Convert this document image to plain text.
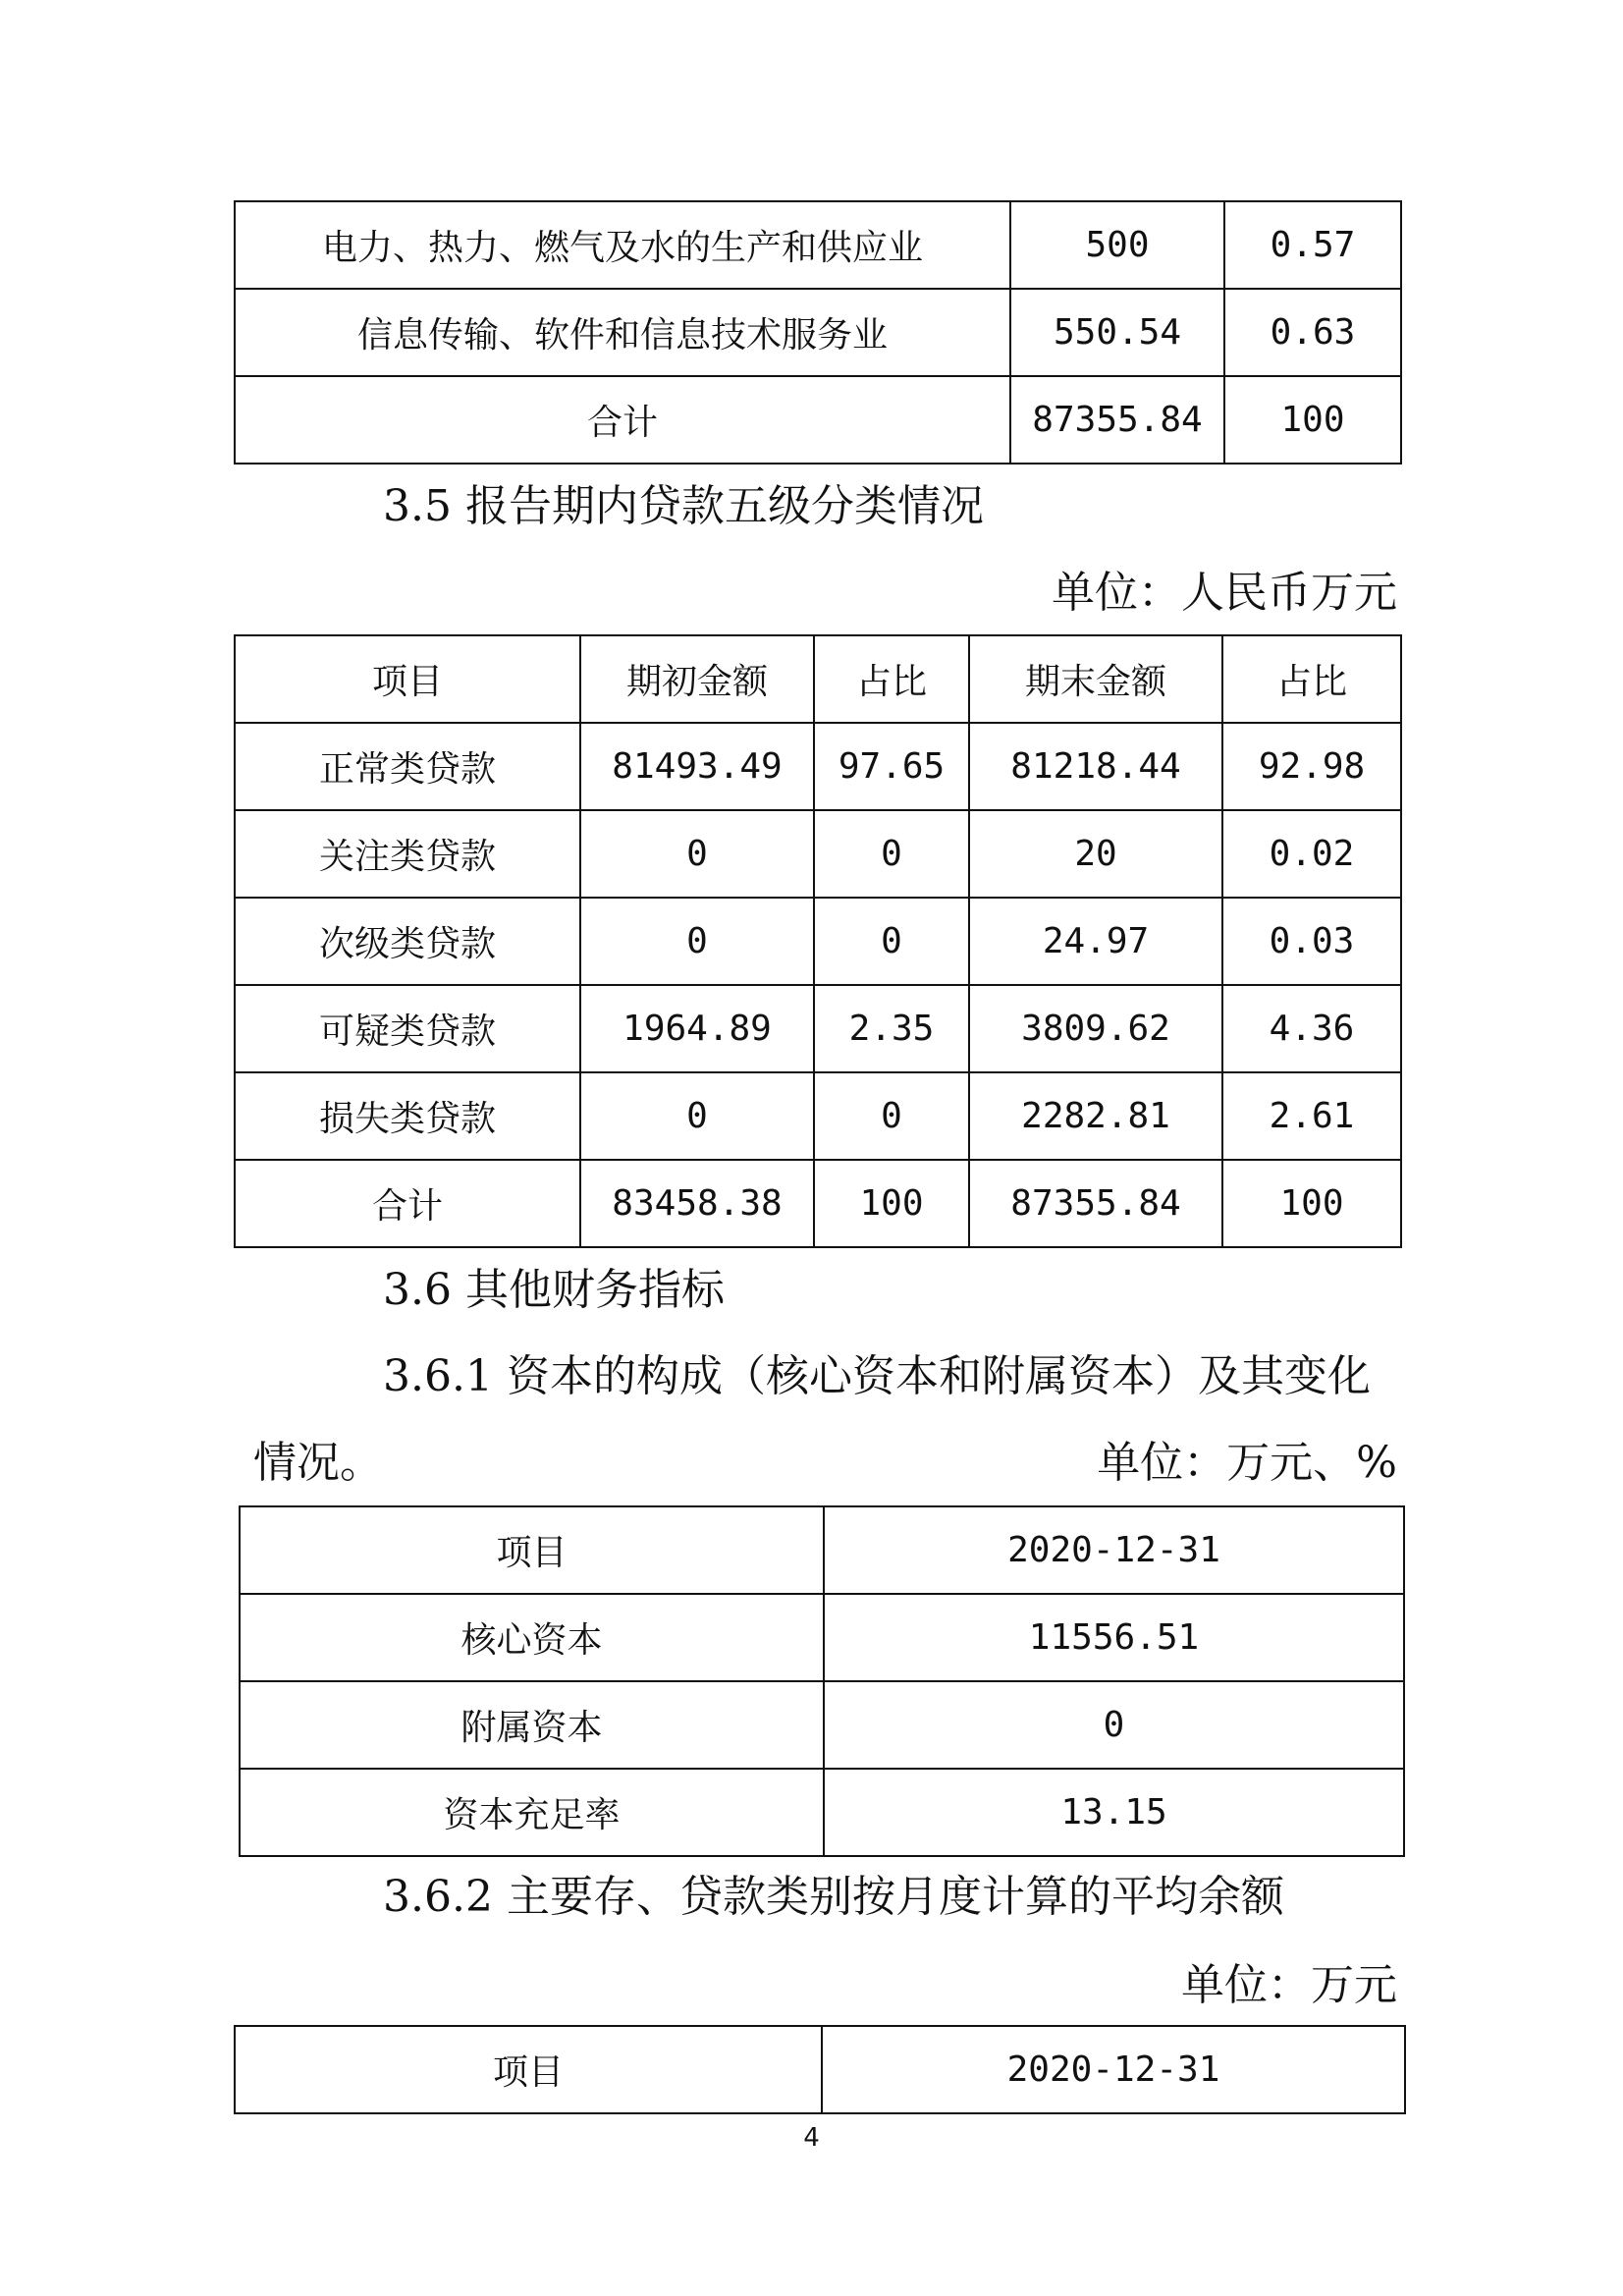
电力、热力、燃气及水的生产和供应业	500	0.57
信息传输、软件和信息技术服务业	550.54	0.63
合计	87355.84	100
3.5 报告期内贷款五级分类情况
单位：人民币万元
项目	期初金额	占比	期末金额	占比
正常类贷款	81493.49	97.65	81218.44	92.98
关注类贷款	0	0	20	0.02
次级类贷款	0	0	24.97	0.03
可疑类贷款	1964.89	2.35	3809.62	4.36
损失类贷款	0	0	2282.81	2.61
合计	83458.38	100	87355.84	100
3.6 其他财务指标
3.6.1 资本的构成（核心资本和附属资本）及其变化
情况。	单位：万元、%
项目	2020-12-31
核心资本	11556.51
附属资本	0
资本充足率	13.15
3.6.2 主要存、贷款类别按月度计算的平均余额
单位：万元
项目	2020-12-31
4
